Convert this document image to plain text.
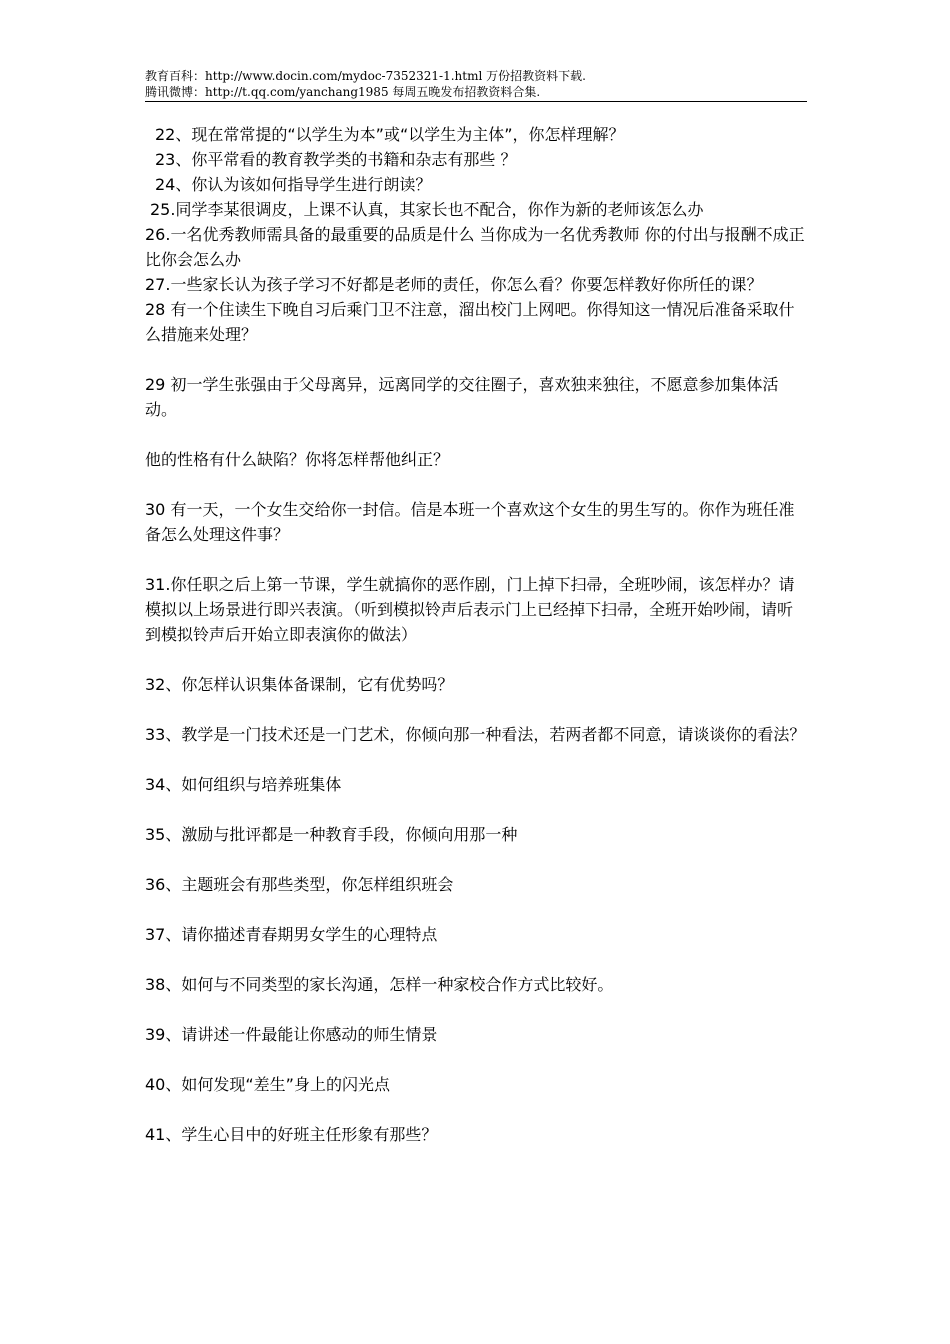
教育百科：http://www.docin.com/mydoc-7352321-1.html 万份招教资料下载.
腾讯微博：http://t.qq.com/yanchang1985 每周五晚发布招教资料合集.

22、现在常常提的“以学生为本”或“以学生为主体”，你怎样理解？

23、你平常看的教育教学类的书籍和杂志有那些 ？

24、你认为该如何指导学生进行朗读？

25.同学李某很调皮，上课不认真，其家长也不配合，你作为新的老师该怎么办

26.一名优秀教师需具备的最重要的品质是什么 当你成为一名优秀教师 你的付出与报酬不成正比你会怎么办

27.一些家长认为孩子学习不好都是老师的责任，你怎么看？你要怎样教好你所任的课？

28 有一个住读生下晚自习后乘门卫不注意，溜出校门上网吧。你得知这一情况后准备采取什么措施来处理？

29 初一学生张强由于父母离异，远离同学的交往圈子，喜欢独来独往，不愿意参加集体活动。

他的性格有什么缺陷？你将怎样帮他纠正？

30 有一天，一个女生交给你一封信。信是本班一个喜欢这个女生的男生写的。你作为班任准备怎么处理这件事？

31.你任职之后上第一节课，学生就搞你的恶作剧，门上掉下扫帚，全班吵闹，该怎样办？请模拟以上场景进行即兴表演。（听到模拟铃声后表示门上已经掉下扫帚，全班开始吵闹，请听到模拟铃声后开始立即表演你的做法）

32、你怎样认识集体备课制，它有优势吗？

33、教学是一门技术还是一门艺术，你倾向那一种看法，若两者都不同意，请谈谈你的看法？

34、如何组织与培养班集体

35、激励与批评都是一种教育手段，你倾向用那一种

36、主题班会有那些类型，你怎样组织班会

37、请你描述青春期男女学生的心理特点

38、如何与不同类型的家长沟通，怎样一种家校合作方式比较好。

39、请讲述一件最能让你感动的师生情景

40、如何发现“差生”身上的闪光点

41、学生心目中的好班主任形象有那些？
